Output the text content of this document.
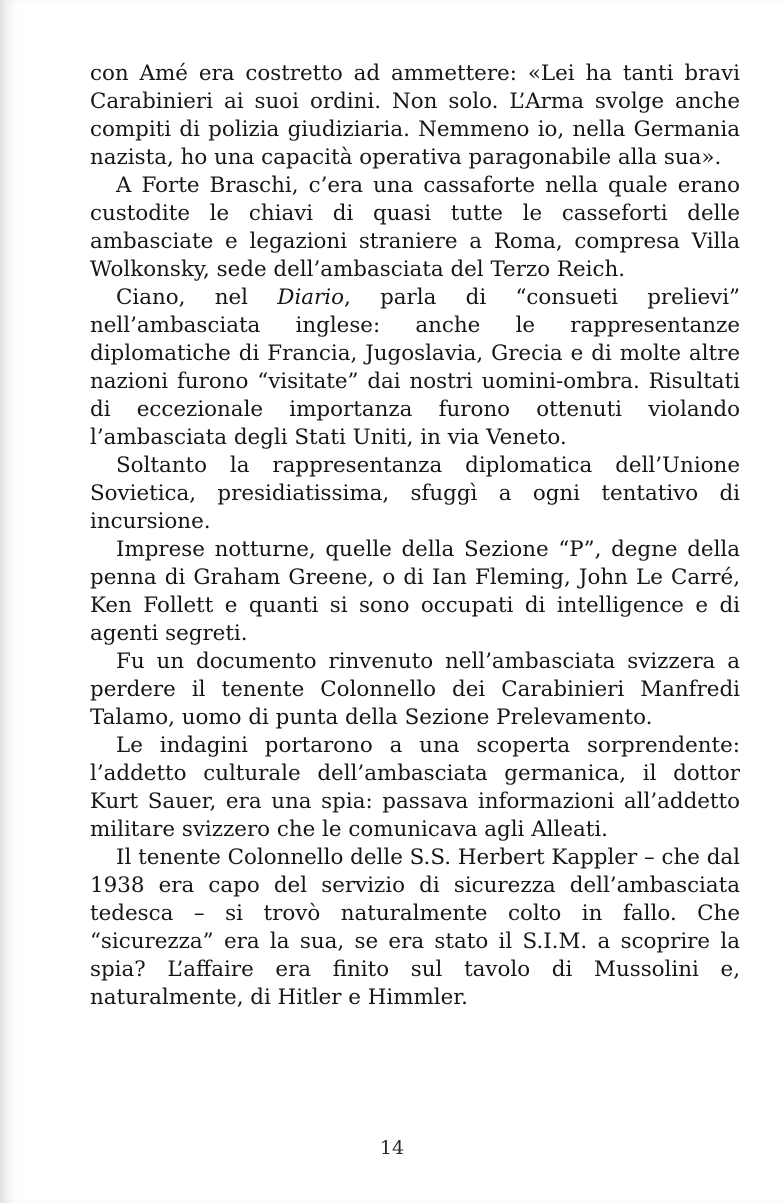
con Amé era costretto ad ammettere: «Lei ha tanti bravi Carabinieri ai suoi ordini. Non solo. L’Arma svolge anche compiti di polizia giudiziaria. Nemmeno io, nella Germania nazista, ho una capacità operativa paragonabile alla sua».

A Forte Braschi, c’era una cassaforte nella quale erano custodite le chiavi di quasi tutte le casseforti delle ambasciate e legazioni straniere a Roma, compresa Villa Wolkonsky, sede dell’ambasciata del Terzo Reich.

Ciano, nel Diario, parla di “consueti prelievi” nell’ambasciata inglese: anche le rappresentanze diplomatiche di Francia, Jugoslavia, Grecia e di molte altre nazioni furono “visitate” dai nostri uomini-ombra. Risultati di eccezionale importanza furono ottenuti violando l’ambasciata degli Stati Uniti, in via Veneto.

Soltanto la rappresentanza diplomatica dell’Unione Sovietica, presidiatissima, sfuggì a ogni tentativo di incursione.

Imprese notturne, quelle della Sezione “P”, degne della penna di Graham Greene, o di Ian Fleming, John Le Carré, Ken Follett e quanti si sono occupati di intelligence e di agenti segreti.

Fu un documento rinvenuto nell’ambasciata svizzera a perdere il tenente Colonnello dei Carabinieri Manfredi Talamo, uomo di punta della Sezione Prelevamento.

Le indagini portarono a una scoperta sorprendente: l’addetto culturale dell’ambasciata germanica, il dottor Kurt Sauer, era una spia: passava informazioni all’addetto militare svizzero che le comunicava agli Alleati.

Il tenente Colonnello delle S.S. Herbert Kappler – che dal 1938 era capo del servizio di sicurezza dell’ambasciata tedesca – si trovò naturalmente colto in fallo. Che “sicurezza” era la sua, se era stato il S.I.M. a scoprire la spia? L’affaire era finito sul tavolo di Mussolini e, naturalmente, di Hitler e Himmler.

14
